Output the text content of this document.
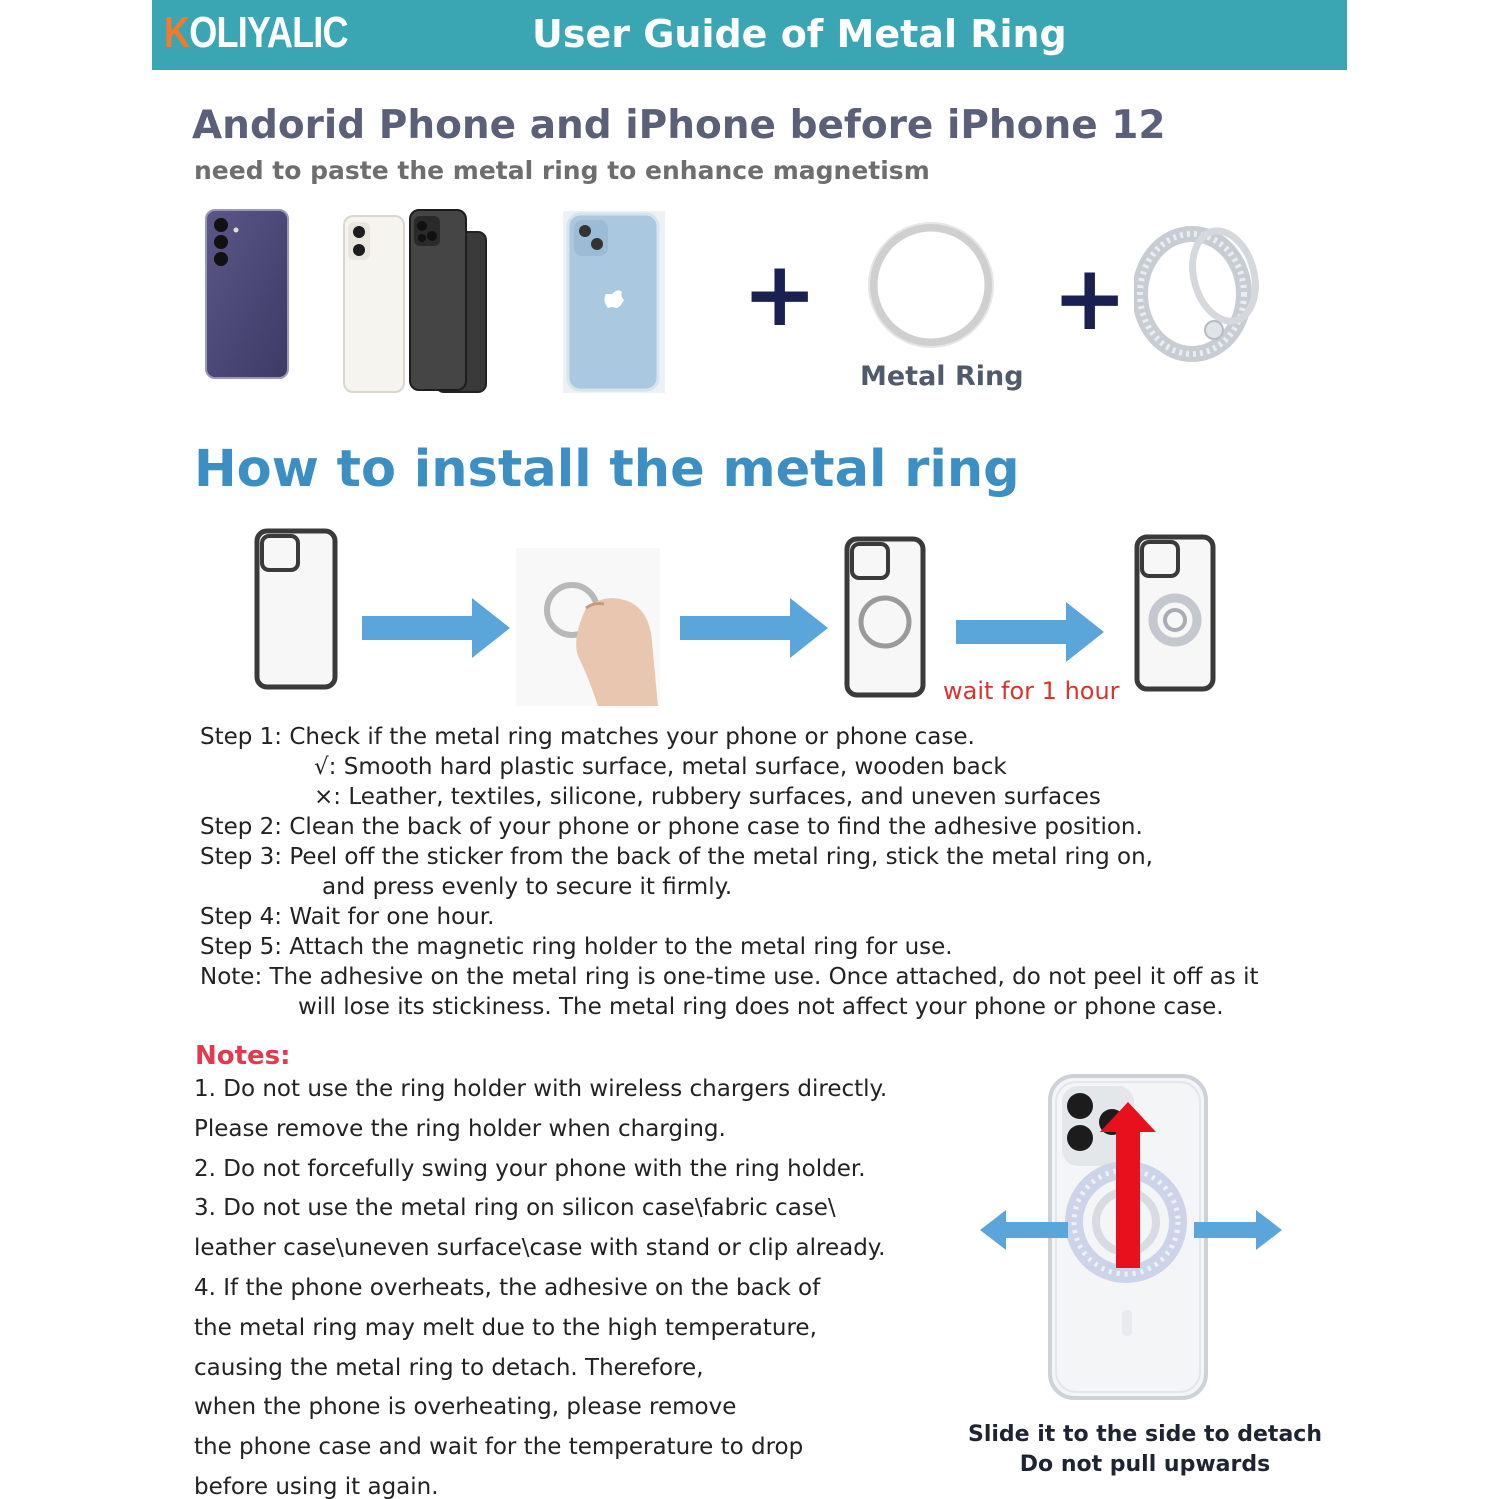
KOLIYALIC	User Guide of Metal Ring
Andorid Phone and iPhone before iPhone 12
need to paste the metal ring to enhance magnetism
+
Metal Ring
+
How to install the metal ring
wait for 1 hour
Step 1: Check if the metal ring matches your phone or phone case.
√: Smooth hard plastic surface, metal surface, wooden back
×: Leather, textiles, silicone, rubbery surfaces, and uneven surfaces
Step 2: Clean the back of your phone or phone case to find the adhesive position.
Step 3: Peel off the sticker from the back of the metal ring, stick the metal ring on,
and press evenly to secure it firmly.
Step 4: Wait for one hour.
Step 5: Attach the magnetic ring holder to the metal ring for use.
Note: The adhesive on the metal ring is one-time use. Once attached, do not peel it off as it
will lose its stickiness. The metal ring does not affect your phone or phone case.
Notes:
1. Do not use the ring holder with wireless chargers directly.
Please remove the ring holder when charging.
2. Do not forcefully swing your phone with the ring holder.
3. Do not use the metal ring on silicon case\fabric case\
leather case\uneven surface\case with stand or clip already.
4. If the phone overheats, the adhesive on the back of
the metal ring may melt due to the high temperature,
causing the metal ring to detach. Therefore,
when the phone is overheating, please remove
the phone case and wait for the temperature to drop
before using it again.
Slide it to the side to detach
Do not pull upwards
